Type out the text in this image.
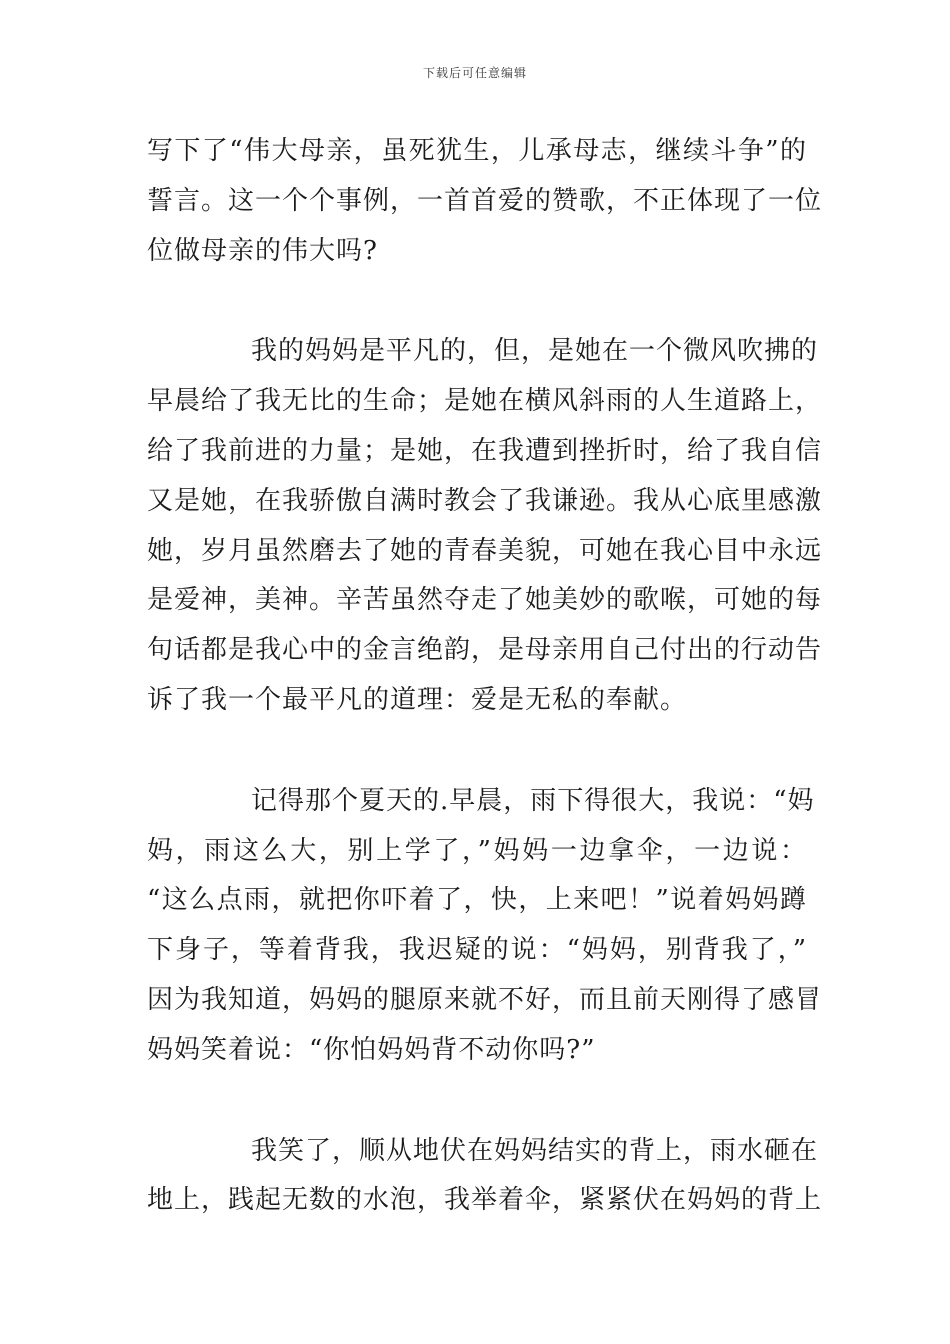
下载后可任意编辑
写下了“伟大母亲，虽死犹生，儿承母志，继续斗争”的
誓言。这一个个事例，一首首爱的赞歌，不正体现了一位
位做母亲的伟大吗?
我的妈妈是平凡的，但，是她在一个微风吹拂的
早晨给了我无比的生命；是她在横风斜雨的人生道路上，
给了我前进的力量；是她，在我遭到挫折时，给了我自信
又是她，在我骄傲自满时教会了我谦逊。我从心底里感激
她，岁月虽然磨去了她的青春美貌，可她在我心目中永远
是爱神，美神。辛苦虽然夺走了她美妙的歌喉，可她的每
句话都是我心中的金言绝韵，是母亲用自己付出的行动告
诉了我一个最平凡的道理：爱是无私的奉献。
记得那个夏天的.早晨，雨下得很大，我说：“妈
妈，雨这么大，别上学了，”妈妈一边拿伞，一边说：
“这么点雨，就把你吓着了，快，上来吧！”说着妈妈蹲
下身子，等着背我，我迟疑的说：“妈妈，别背我了，”
因为我知道，妈妈的腿原来就不好，而且前天刚得了感冒
妈妈笑着说：“你怕妈妈背不动你吗?”
我笑了，顺从地伏在妈妈结实的背上，雨水砸在
地上，践起无数的水泡，我举着伞，紧紧伏在妈妈的背上
